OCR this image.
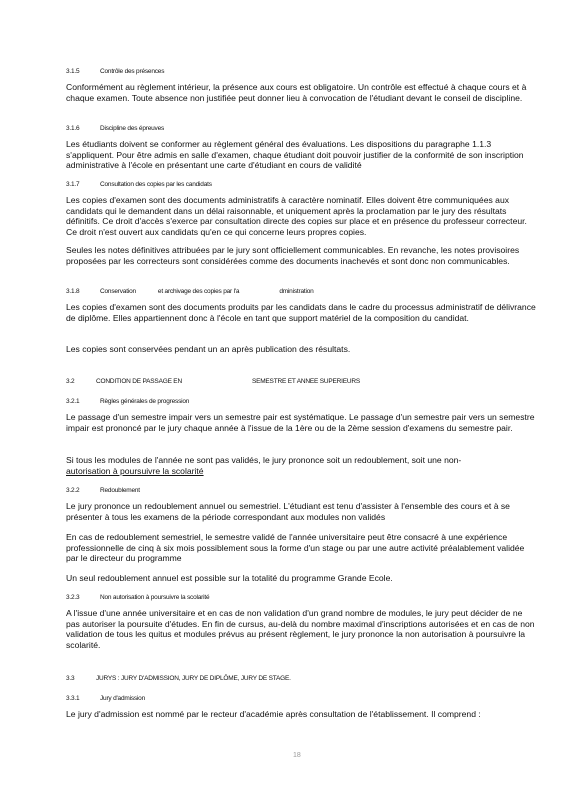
3.1.5	Contrôle des présences

Conformément au règlement intérieur, la présence aux cours est obligatoire. Un contrôle est effectué à chaque cours et à chaque examen. Toute absence non justifiée peut donner lieu à convocation de l'étudiant devant le conseil de discipline.

3.1.6	Discipline des épreuves

Les étudiants doivent se conformer au règlement général des évaluations. Les dispositions du paragraphe 1.1.3 s'appliquent. Pour être admis en salle d'examen, chaque étudiant doit pouvoir justifier de la conformité de son inscription administrative à l'école en présentant une carte d'étudiant en cours de validité

3.1.7	Consultation des copies par les candidats

Les copies d'examen sont des documents administratifs à caractère nominatif. Elles doivent être communiquées aux candidats qui le demandent dans un délai raisonnable, et uniquement après la proclamation par le jury des résultats définitifs. Ce droit d'accès s'exerce par consultation directe des copies sur place et en présence du professeur correcteur. Ce droit n'est ouvert aux candidats qu'en ce qui concerne leurs propres copies.

Seules les notes définitives attribuées par le jury sont officiellement communicables. En revanche, les notes provisoires proposées par les correcteurs sont considérées comme des documents inachevés et sont donc non communicables.

3.1.8	Conservation	et archivage des copies par l'a	dministration

Les copies d'examen sont des documents produits par les candidats dans le cadre du processus administratif de délivrance de diplôme. Elles appartiennent donc à l'école en tant que support matériel de la composition du candidat.

Les copies sont conservées pendant un an après publication des résultats.

3.2	CONDITION DE PASSAGE EN	SEMESTRE ET ANNEE SUPERIEURS
3.2.1	Règles générales de progression

Le passage d'un semestre impair vers un semestre pair est systématique. Le passage d'un semestre pair vers un semestre impair est prononcé par le jury chaque année à l'issue de la 1ère ou de la 2ème session d'examens du semestre pair.

Si tous les modules de l'année ne sont pas validés, le jury prononce soit un redoublement, soit une non-
autorisation à poursuivre la scolarité
3.2.2	Redoublement

Le jury prononce un redoublement annuel ou semestriel. L'étudiant est tenu d'assister à l'ensemble des cours et à se présenter à tous les examens de la période correspondant aux modules non validés

En cas de redoublement semestriel, le semestre validé de l'année universitaire peut être consacré à une expérience professionnelle de cinq à six mois possiblement sous la forme d'un stage ou par une autre activité préalablement validée par le directeur du programme

Un seul redoublement annuel est possible sur la totalité du programme Grande Ecole.

3.2.3	Non autorisation à poursuivre la scolarité

A l'issue d'une année universitaire et en cas de non validation d'un grand nombre de modules, le jury peut décider de ne pas autoriser la poursuite d'études. En fin de cursus, au-delà du nombre maximal d'inscriptions autorisées et en cas de non validation de tous les quitus et modules prévus au présent règlement, le jury prononce la non autorisation à poursuivre la scolarité.

3.3	JURYS : JURY D'ADMISSION, JURY DE DIPLÔME, JURY DE STAGE.
3.3.1	Jury d'admission

Le jury d'admission est nommé par le recteur d'académie après consultation de l'établissement. Il comprend :

18
